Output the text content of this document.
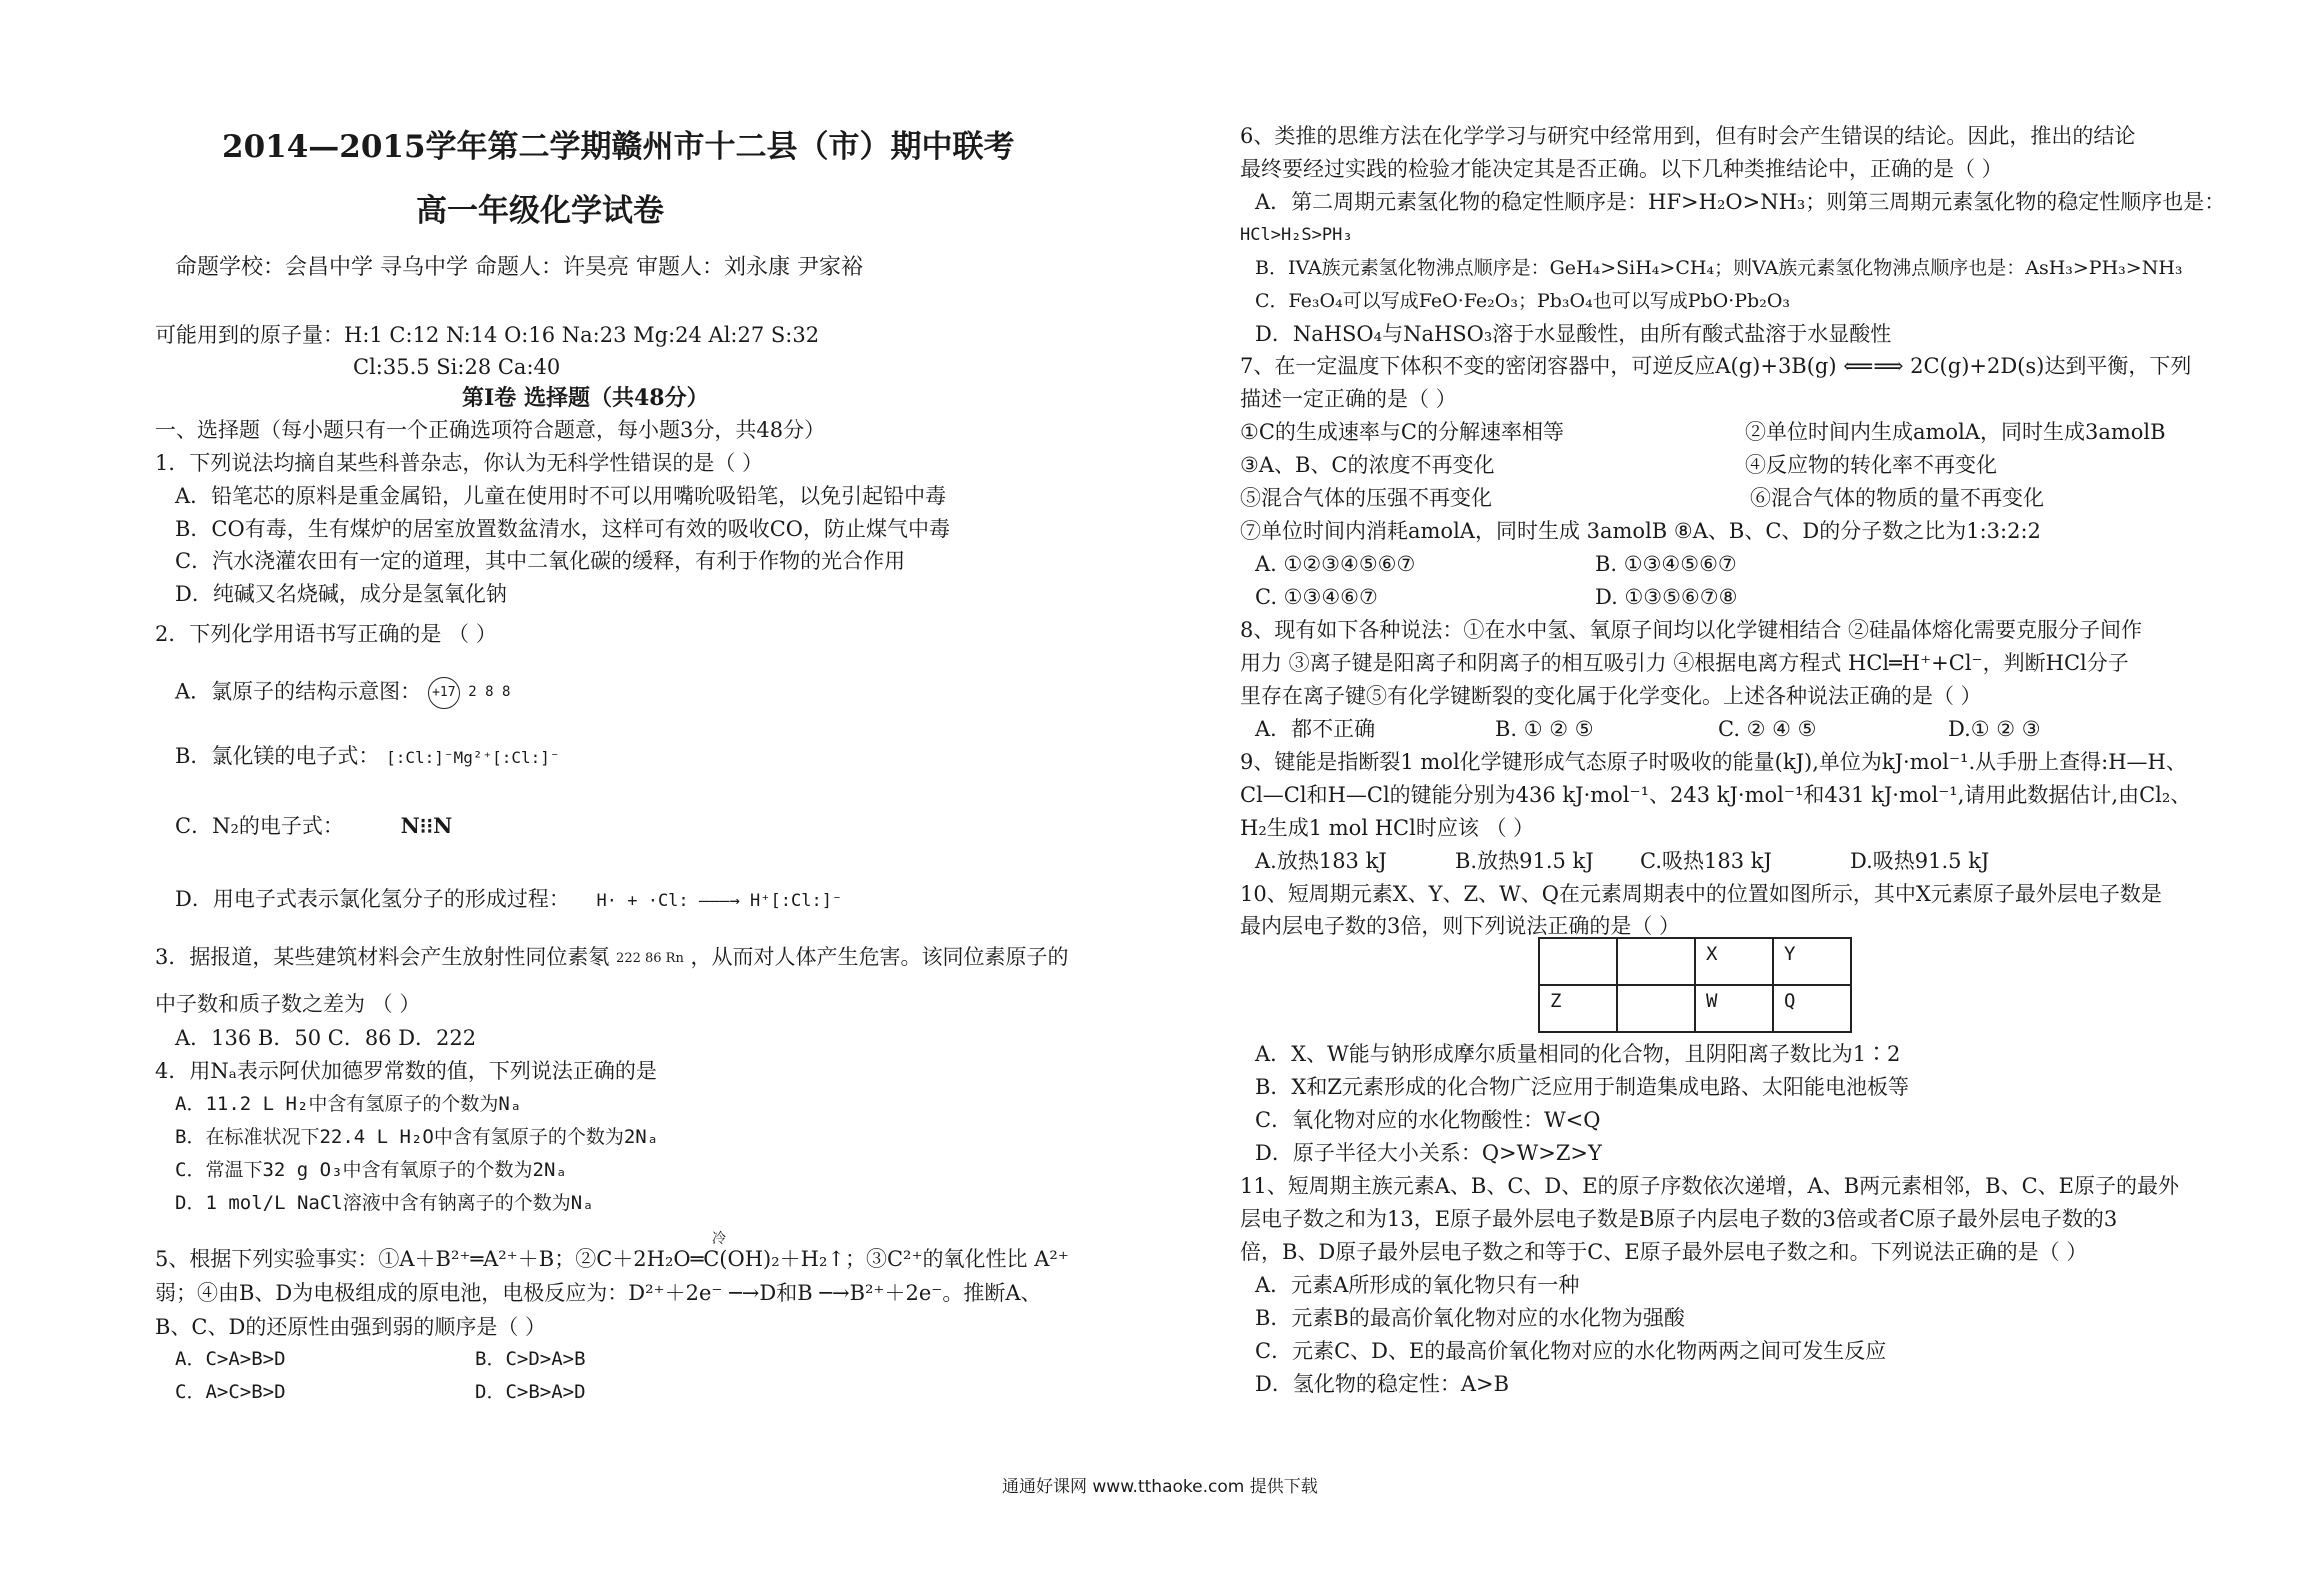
2014—2015学年第二学期赣州市十二县（市）期中联考
高一年级化学试卷
命题学校：会昌中学 寻乌中学 命题人：许昊亮 审题人：刘永康 尹家裕
可能用到的原子量：H:1 C:12 N:14 O:16 Na:23 Mg:24 Al:27 S:32
Cl:35.5 Si:28 Ca:40
第Ⅰ卷 选择题（共48分）
一、选择题（每小题只有一个正确选项符合题意，每小题3分，共48分）
1．下列说法均摘自某些科普杂志，你认为无科学性错误的是（ ）
A．铅笔芯的原料是重金属铅，儿童在使用时不可以用嘴吮吸铅笔，以免引起铅中毒
B．CO有毒，生有煤炉的居室放置数盆清水，这样可有效的吸收CO，防止煤气中毒
C．汽水浇灌农田有一定的道理，其中二氧化碳的缓释，有利于作物的光合作用
D．纯碱又名烧碱，成分是氢氧化钠
2．下列化学用语书写正确的是 （ ）
A．氯原子的结构示意图： +17 2 8 8
B．氯化镁的电子式： [:Cl:]⁻Mg²⁺[:Cl:]⁻
C．N₂的电子式：	N⁝⁝N
D．用电子式表示氯化氢分子的形成过程： H· + ·Cl: ———→ H⁺[:Cl:]⁻
3．据报道，某些建筑材料会产生放射性同位素氡 222 86 Rn ，从而对人体产生危害。该同位素原子的
中子数和质子数之差为 （ ）
A．136 B．50 C．86 D．222
4．用Nₐ表示阿伏加德罗常数的值，下列说法正确的是
A．11.2 L H₂中含有氢原子的个数为Nₐ
B．在标准状况下22.4 L H₂O中含有氢原子的个数为2Nₐ
C．常温下32 g O₃中含有氧原子的个数为2Nₐ
D．1 mol/L NaCl溶液中含有钠离子的个数为Nₐ
冷
5、根据下列实验事实：①A＋B²⁺═A²⁺＋B；②C＋2H₂O═C(OH)₂＋H₂↑；③C²⁺的氧化性比 A²⁺
弱；④由B、D为电极组成的原电池，电极反应为：D²⁺＋2e⁻ ─→D和B ─→B²⁺＋2e⁻。推断A、
B、C、D的还原性由强到弱的顺序是（ ）
A．C>A>B>D	B．C>D>A>B
C．A>C>B>D	D．C>B>A>D
6、类推的思维方法在化学学习与研究中经常用到，但有时会产生错误的结论。因此，推出的结论
最终要经过实践的检验才能决定其是否正确。以下几种类推结论中，正确的是（ ）
A．第二周期元素氢化物的稳定性顺序是：HF>H₂O>NH₃；则第三周期元素氢化物的稳定性顺序也是：
HCl>H₂S>PH₃
B．IVA族元素氢化物沸点顺序是：GeH₄>SiH₄>CH₄；则VA族元素氢化物沸点顺序也是：AsH₃>PH₃>NH₃
C．Fe₃O₄可以写成FeO·Fe₂O₃；Pb₃O₄也可以写成PbO·Pb₂O₃
D．NaHSO₄与NaHSO₃溶于水显酸性，由所有酸式盐溶于水显酸性
7、在一定温度下体积不变的密闭容器中，可逆反应A(g)+3B(g) ⟸⟹ 2C(g)+2D(s)达到平衡，下列
描述一定正确的是（ ）
①C的生成速率与C的分解速率相等	②单位时间内生成amolA，同时生成3amolB
③A、B、C的浓度不再变化	④反应物的转化率不再变化
⑤混合气体的压强不再变化	⑥混合气体的物质的量不再变化
⑦单位时间内消耗amolA，同时生成 3amolB ⑧A、B、C、D的分子数之比为1:3:2:2
A. ①②③④⑤⑥⑦	B. ①③④⑤⑥⑦
C. ①③④⑥⑦	D. ①③⑤⑥⑦⑧
8、现有如下各种说法：①在水中氢、氧原子间均以化学键相结合 ②硅晶体熔化需要克服分子间作
用力 ③离子键是阳离子和阴离子的相互吸引力 ④根据电离方程式 HCl═H⁺+Cl⁻，判断HCl分子
里存在离子键⑤有化学键断裂的变化属于化学变化。上述各种说法正确的是（ ）
A．都不正确	B. ① ② ⑤	C. ② ④ ⑤	D.① ② ③
9、键能是指断裂1 mol化学键形成气态原子时吸收的能量(kJ),单位为kJ·mol⁻¹.从手册上查得:H—H、
Cl—Cl和H—Cl的键能分别为436 kJ·mol⁻¹、243 kJ·mol⁻¹和431 kJ·mol⁻¹,请用此数据估计,由Cl₂、
H₂生成1 mol HCl时应该 （ ）
A.放热183 kJ	B.放热91.5 kJ C.吸热183 kJ	D.吸热91.5 kJ
10、短周期元素X、Y、Z、W、Q在元素周期表中的位置如图所示，其中X元素原子最外层电子数是
最内层电子数的3倍，则下列说法正确的是（ ）
		X	Y
Z		W	Q
A．X、W能与钠形成摩尔质量相同的化合物，且阴阳离子数比为1∶2
B．X和Z元素形成的化合物广泛应用于制造集成电路、太阳能电池板等
C．氧化物对应的水化物酸性：W<Q
D．原子半径大小关系：Q>W>Z>Y
11、短周期主族元素A、B、C、D、E的原子序数依次递增，A、B两元素相邻，B、C、E原子的最外
层电子数之和为13，E原子最外层电子数是B原子内层电子数的3倍或者C原子最外层电子数的3
倍，B、D原子最外层电子数之和等于C、E原子最外层电子数之和。下列说法正确的是（ ）
A．元素A所形成的氧化物只有一种
B．元素B的最高价氧化物对应的水化物为强酸
C．元素C、D、E的最高价氧化物对应的水化物两两之间可发生反应
D．氢化物的稳定性：A>B
通通好课网 www.tthaoke.com 提供下载
